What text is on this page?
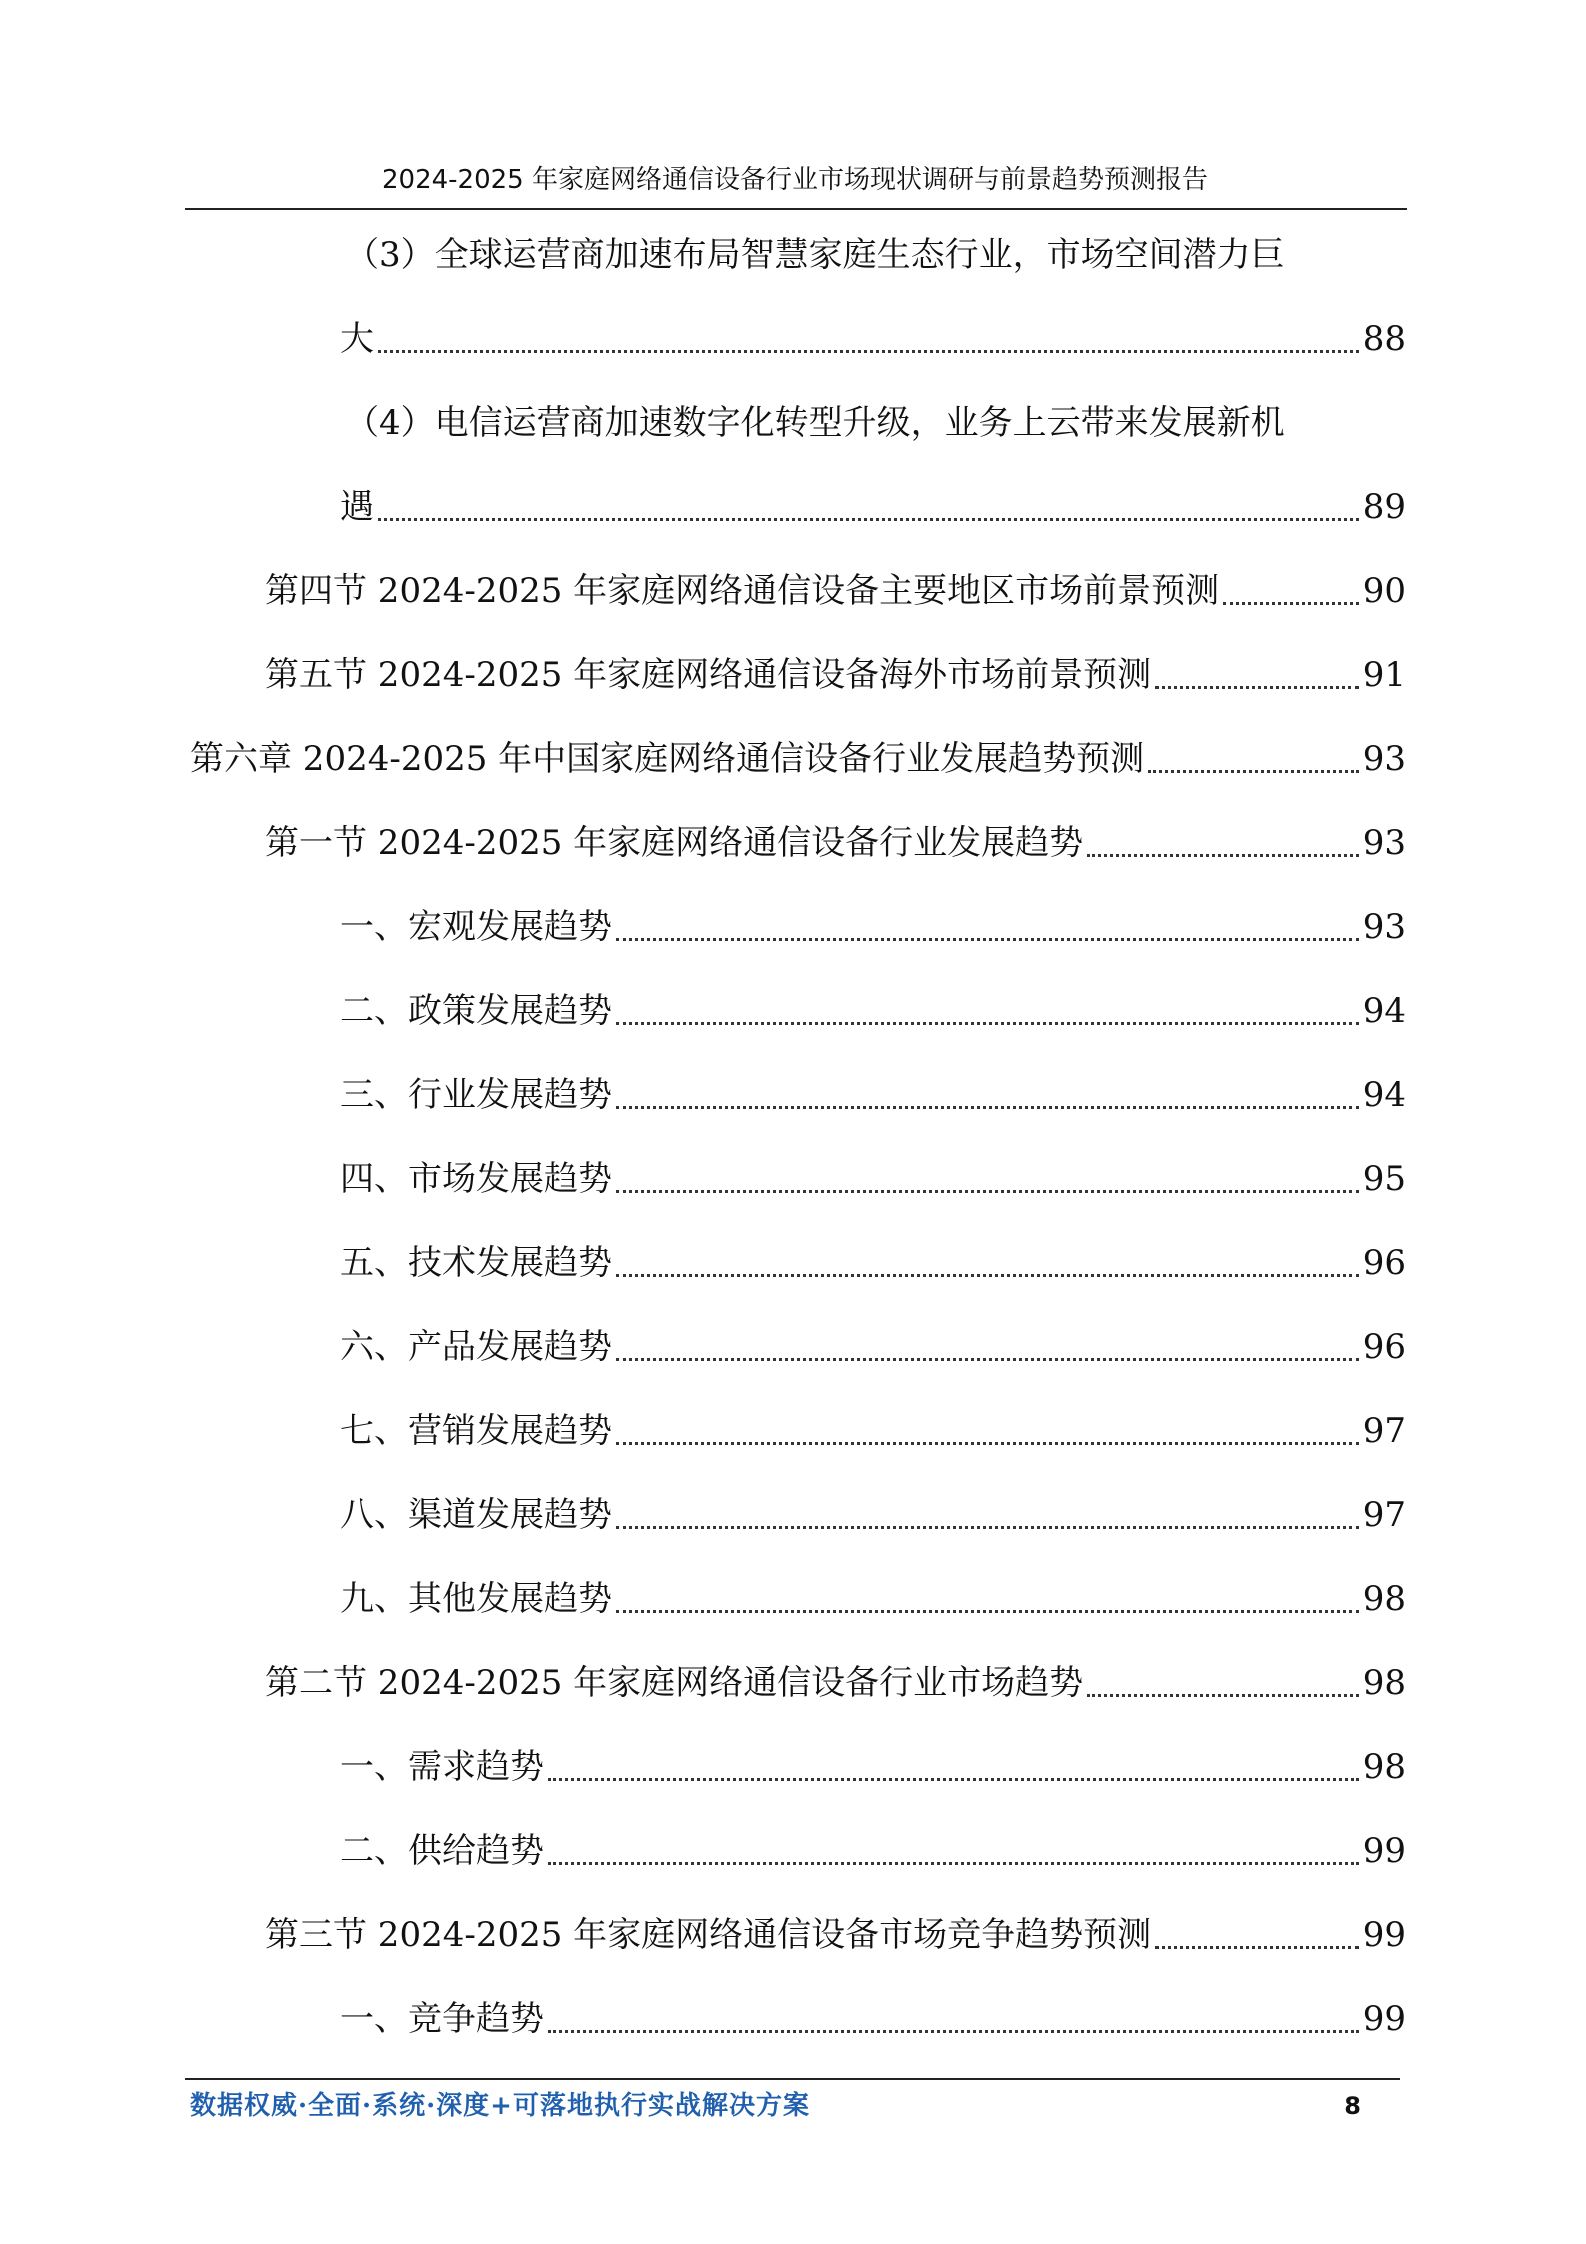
2024-2025 年家庭网络通信设备行业市场现状调研与前景趋势预测报告
（3）全球运营商加速布局智慧家庭生态行业，市场空间潜力巨
大	88
（4）电信运营商加速数字化转型升级，业务上云带来发展新机
遇	89
第四节 2024-2025 年家庭网络通信设备主要地区市场前景预测	90
第五节 2024-2025 年家庭网络通信设备海外市场前景预测	91
第六章 2024-2025 年中国家庭网络通信设备行业发展趋势预测	93
第一节 2024-2025 年家庭网络通信设备行业发展趋势	93
一、宏观发展趋势	93
二、政策发展趋势	94
三、行业发展趋势	94
四、市场发展趋势	95
五、技术发展趋势	96
六、产品发展趋势	96
七、营销发展趋势	97
八、渠道发展趋势	97
九、其他发展趋势	98
第二节 2024-2025 年家庭网络通信设备行业市场趋势	98
一、需求趋势	98
二、供给趋势	99
第三节 2024-2025 年家庭网络通信设备市场竞争趋势预测	99
一、竞争趋势	99
数据权威·全面·系统·深度+可落地执行实战解决方案	8
